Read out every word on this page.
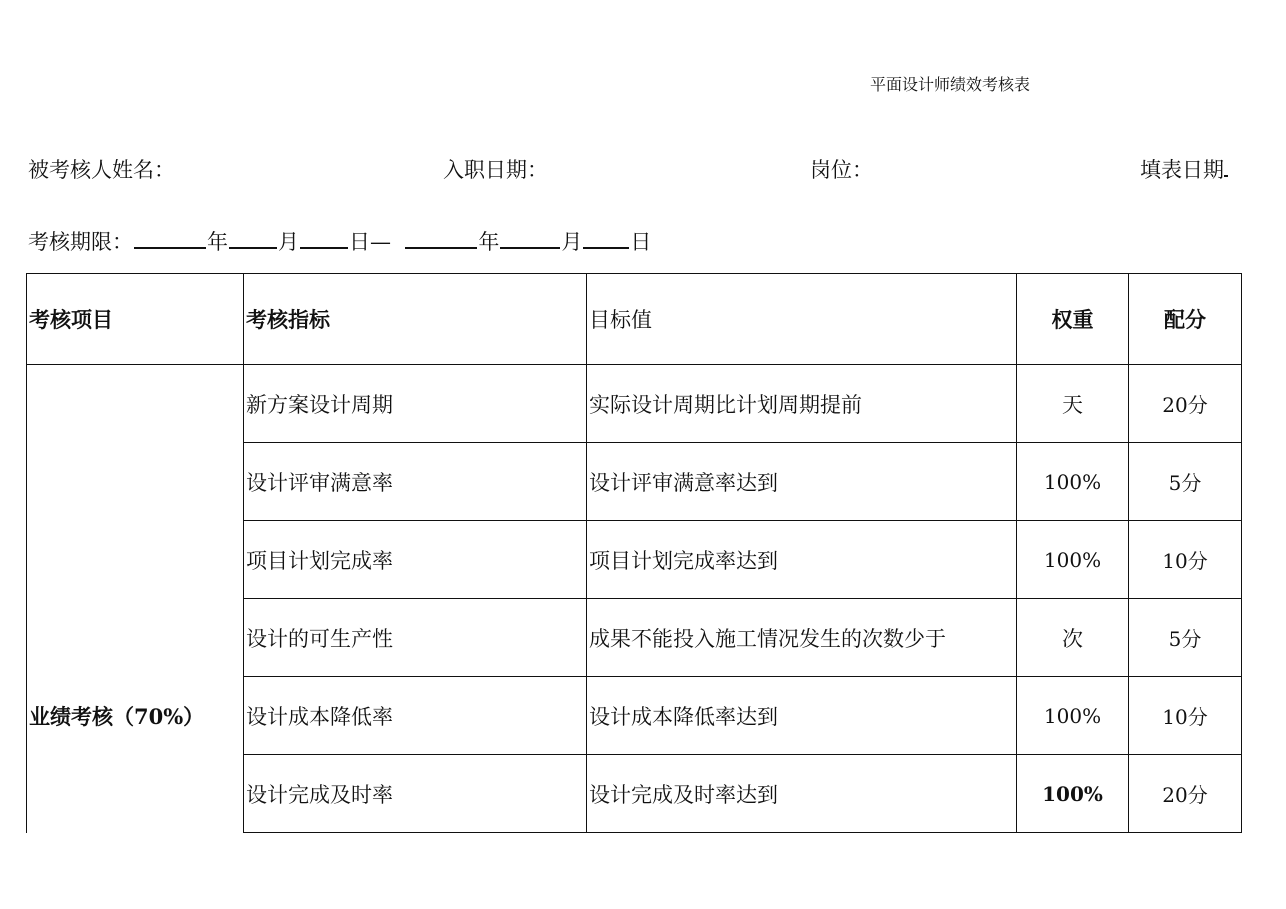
平面设计师绩效考核表
被考核人姓名：	入职日期：	岗位：	填表日期
考核期限：	年 月 日—	年	月 日
考核项目	考核指标	目标值	权重	配分
业绩考核（70%）	新方案设计周期	实际设计周期比计划周期提前	天	20分
	设计评审满意率	设计评审满意率达到	100%	5分
	项目计划完成率	项目计划完成率达到	100%	10分
	设计的可生产性	成果不能投入施工情况发生的次数少于	次	5分
	设计成本降低率	设计成本降低率达到	100%	10分
	设计完成及时率	设计完成及时率达到	100%	20分
